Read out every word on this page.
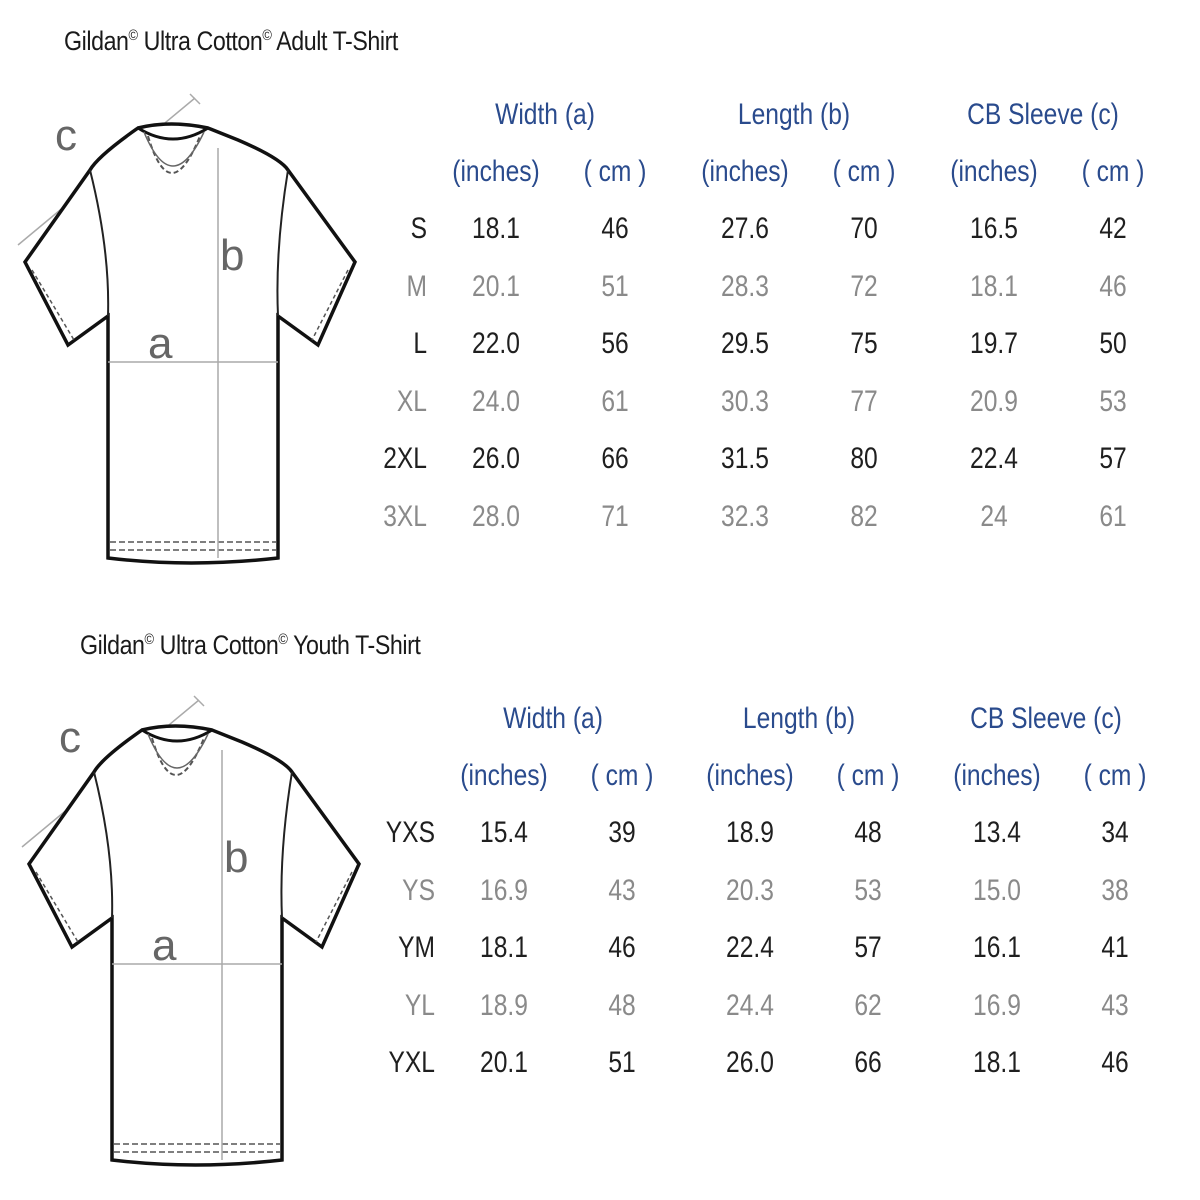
Gildan© Ultra Cotton© Adult T-Shirt
c
b
a
Width (a)	Length (b)	CB Sleeve (c)
(inches) ( cm ) (inches) ( cm ) (inches) ( cm )
S 18.1	46	27.6	70	16.5	42
M 20.1	51	28.3	72	18.1	46
L 22.0	56	29.5	75	19.7	50
XL 24.0	61	30.3	77	20.9	53
2XL 26.0	66	31.5	80	22.4	57
3XL 28.0	71	32.3	82	24	61
Gildan© Ultra Cotton© Youth T-Shirt
c
b
a
Width (a)	Length (b)	CB Sleeve (c)
(inches) ( cm ) (inches) ( cm ) (inches) ( cm )
YXS 15.4	39	18.9	48	13.4	34
YS 16.9	43	20.3	53	15.0	38
YM 18.1	46	22.4	57	16.1	41
YL 18.9	48	24.4	62	16.9	43
YXL 20.1	51	26.0	66	18.1	46
